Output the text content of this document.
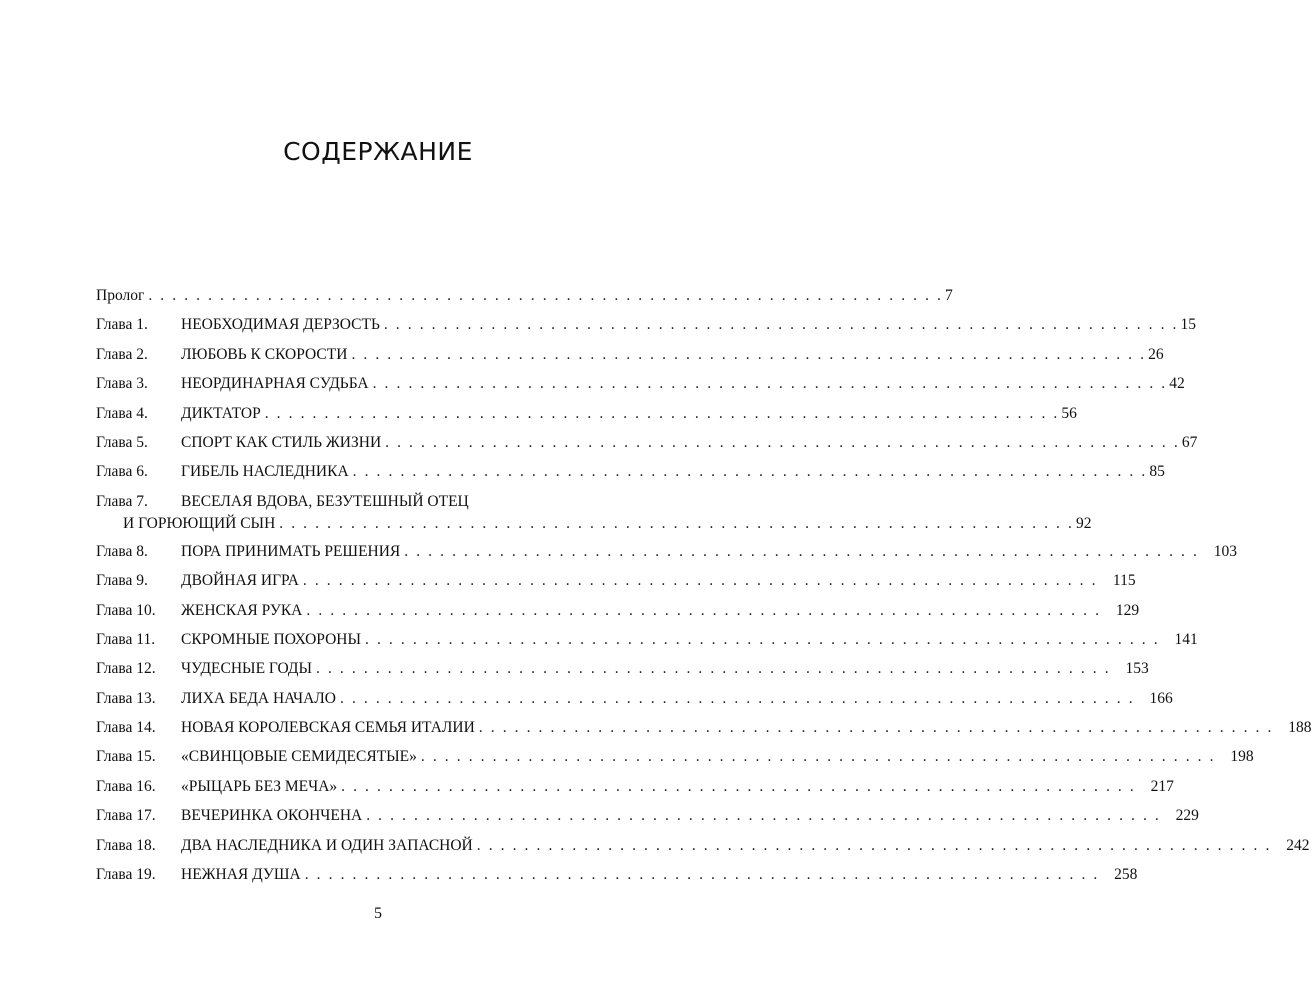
СОДЕРЖАНИЕ
Пролог . . . . . . . . . . . . . . . . . . . . . . . . . . . . . . . . . . . . . . . . . . . . . . . . . . . . . . . . . . . . . . . . . . . 7
Глава 1.	НЕОБХОДИМАЯ ДЕРЗОСТЬ . . . . . . . . . . . . . . . . . . . . . . . . . . . . . . . . . . . . . . . . . . . . . . . . . . . . . . . . . . . . . . . . . . . 15
Глава 2.	ЛЮБОВЬ К СКОРОСТИ . . . . . . . . . . . . . . . . . . . . . . . . . . . . . . . . . . . . . . . . . . . . . . . . . . . . . . . . . . . . . . . . . . . 26
Глава 3.	НЕОРДИНАРНАЯ СУДЬБА . . . . . . . . . . . . . . . . . . . . . . . . . . . . . . . . . . . . . . . . . . . . . . . . . . . . . . . . . . . . . . . . . . . 42
Глава 4.	ДИКТАТОР . . . . . . . . . . . . . . . . . . . . . . . . . . . . . . . . . . . . . . . . . . . . . . . . . . . . . . . . . . . . . . . . . . . 56
Глава 5.	СПОРТ КАК СТИЛЬ ЖИЗНИ . . . . . . . . . . . . . . . . . . . . . . . . . . . . . . . . . . . . . . . . . . . . . . . . . . . . . . . . . . . . . . . . . . . 67
Глава 6.	ГИБЕЛЬ НАСЛЕДНИКА . . . . . . . . . . . . . . . . . . . . . . . . . . . . . . . . . . . . . . . . . . . . . . . . . . . . . . . . . . . . . . . . . . . 85
Глава 7.	ВЕСЕЛАЯ ВДОВА, БЕЗУТЕШНЫЙ ОТЕЦ
И ГОРЮЮЩИЙ СЫН . . . . . . . . . . . . . . . . . . . . . . . . . . . . . . . . . . . . . . . . . . . . . . . . . . . . . . . . . . . . . . . . . . . 92
Глава 8.	ПОРА ПРИНИМАТЬ РЕШЕНИЯ . . . . . . . . . . . . . . . . . . . . . . . . . . . . . . . . . . . . . . . . . . . . . . . . . . . . . . . . . . . . . . . . . . . 103
Глава 9.	ДВОЙНАЯ ИГРА . . . . . . . . . . . . . . . . . . . . . . . . . . . . . . . . . . . . . . . . . . . . . . . . . . . . . . . . . . . . . . . . . . . 115
Глава 10.	ЖЕНСКАЯ РУКА . . . . . . . . . . . . . . . . . . . . . . . . . . . . . . . . . . . . . . . . . . . . . . . . . . . . . . . . . . . . . . . . . . . 129
Глава 11.	СКРОМНЫЕ ПОХОРОНЫ . . . . . . . . . . . . . . . . . . . . . . . . . . . . . . . . . . . . . . . . . . . . . . . . . . . . . . . . . . . . . . . . . . . 141
Глава 12.	ЧУДЕСНЫЕ ГОДЫ . . . . . . . . . . . . . . . . . . . . . . . . . . . . . . . . . . . . . . . . . . . . . . . . . . . . . . . . . . . . . . . . . . . 153
Глава 13.	ЛИХА БЕДА НАЧАЛО . . . . . . . . . . . . . . . . . . . . . . . . . . . . . . . . . . . . . . . . . . . . . . . . . . . . . . . . . . . . . . . . . . . 166
Глава 14.	НОВАЯ КОРОЛЕВСКАЯ СЕМЬЯ ИТАЛИИ . . . . . . . . . . . . . . . . . . . . . . . . . . . . . . . . . . . . . . . . . . . . . . . . . . . . . . . . . . . . . . . . . . . 188
Глава 15.	«СВИНЦОВЫЕ СЕМИДЕСЯТЫЕ» . . . . . . . . . . . . . . . . . . . . . . . . . . . . . . . . . . . . . . . . . . . . . . . . . . . . . . . . . . . . . . . . . . . 198
Глава 16.	«РЫЦАРЬ БЕЗ МЕЧА» . . . . . . . . . . . . . . . . . . . . . . . . . . . . . . . . . . . . . . . . . . . . . . . . . . . . . . . . . . . . . . . . . . . 217
Глава 17.	ВЕЧЕРИНКА ОКОНЧЕНА . . . . . . . . . . . . . . . . . . . . . . . . . . . . . . . . . . . . . . . . . . . . . . . . . . . . . . . . . . . . . . . . . . . 229
Глава 18.	ДВА НАСЛЕДНИКА И ОДИН ЗАПАСНОЙ . . . . . . . . . . . . . . . . . . . . . . . . . . . . . . . . . . . . . . . . . . . . . . . . . . . . . . . . . . . . . . . . . . . 242
Глава 19.	НЕЖНАЯ ДУША . . . . . . . . . . . . . . . . . . . . . . . . . . . . . . . . . . . . . . . . . . . . . . . . . . . . . . . . . . . . . . . . . . . 258
5
